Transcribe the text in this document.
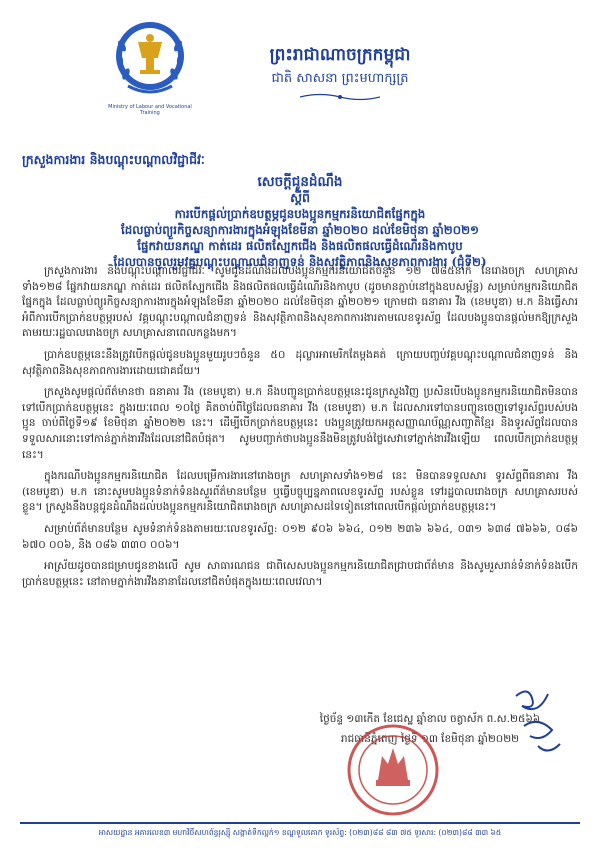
Ministry of Labour and Vocational Training
ព្រះរាជាណាចក្រកម្ពុជា
ជាតិ សាសនា ព្រះមហាក្សត្រ
ក្រសួងការងារ និងបណ្តុះបណ្តាលវិជ្ជាជីវៈ
សេចក្តីជូនដំណឹង
ស្តីពី
ការបើកផ្តល់ប្រាក់ឧបត្ថម្ភជូនបងប្អូនកម្មករនិយោជិតផ្នែកក្នុង
ដែលធ្លាប់ព្យួរកិច្ចសន្យាការងារក្នុងអំឡុងខែមីនា ឆ្នាំ២០២០ ដល់ខែមិថុនា ឆ្នាំ២០២១
ផ្នែកវាយនភណ្ឌ កាត់ដេរ ផលិតស្បែកជើង និងផលិតផលធ្វើដំណើរនិងកាបូប
ដែលបានចូលរួមវគ្គបណ្តុះបណ្តាលជំនាញទន់ និងសុវត្ថិភាពនិងសុខភាពការងារ (ជុំទី២)

ក្រសួងការងារ និងបណ្តុះបណ្តាលវិជ្ជាជីវៈ សូមជូនដំណឹងដល់បងប្អូនកម្មករនិយោជិតចំនួន ១២ ៧៨៥នាក់ នៃរោងចក្រ សហគ្រាសទាំង១២៨ ផ្នែកវាយនភណ្ឌ កាត់ដេរ ផលិតស្បែកជើង និងផលិតផលធ្វើដំណើរនិងកាបូប (ដូចមានភ្ជាប់នៅក្នុងឧបសម្ព័ន្ធ) សម្រាប់កម្មករនិយោជិតផ្នែកក្នុង ដែលធ្លាប់ព្យួរកិច្ចសន្យាការងារក្នុងអំឡុងខែមីនា ឆ្នាំ២០២០ ដល់ខែមិថុនា ឆ្នាំ២០២១ ក្រោមជា ធនាគារ វីង (ខេមបូឌា) ម.ក និងធ្វើសារអំពីការបើកប្រាក់ឧបត្ថម្ភរបស់ វគ្គបណ្តុះបណ្តាលជំនាញទន់ និងសុវត្ថិភាពនិងសុខភាពការងារតាមលេខទូរស័ព្ទ ដែលបងប្អូនបានផ្តល់មកឱ្យក្រសួងតាមរយៈរដ្ឋបាលរោងចក្រ សហគ្រាសនាពេលកន្លងមក។

ប្រាក់ឧបត្ថម្ភនេះនឹងត្រូវបើកផ្តល់ជូនបងប្អូនមួយរូបៗចំនួន ៥០ ដុល្លារអាមេរិកតែម្តងគត់ ក្រោយបញ្ចប់វគ្គបណ្តុះបណ្តាលជំនាញទន់ និងសុវត្ថិភាពនិងសុខភាពការងារដោយជោគជ័យ។

ក្រសួងសូមផ្តល់ព័ត៌មានថា ធនាគារ វីង (ខេមបូឌា) ម.ក នឹងបញ្ជូនប្រាក់ឧបត្ថម្ភនេះជូនក្រសួងវិញ ប្រសិនបើបងប្អូនកម្មករនិយោជិតមិនបានទៅបើកប្រាក់ឧបត្ថម្ភនេះ ក្នុងរយៈពេល ១០ថ្ងៃ គិតចាប់ពីថ្ងៃដែលធនាគារ វីង (ខេមបូឌា) ម.ក ដែលសារទៅបានបញ្ចូនចេញទៅទូរស័ព្ទរបស់បងប្អូន ចាប់ពីថ្ងៃទី១៩ ខែមិថុនា ឆ្នាំ២០២២ នេះ។ ដើម្បីបើកប្រាក់ឧបត្ថម្ភនេះ បងប្អូនត្រូវយកអត្តសញ្ញាណប័ណ្ណសញ្ជាតិខ្មែរ និងទូរស័ព្ទដែលបានទទួលសារនោះទៅកាន់ភ្នាក់ងារវីងដែលនៅជិតបំផុត។ សូមបញ្ជាក់ថាបងប្អូននឹងមិនត្រូវបង់ថ្លៃសេវាទៅភ្នាក់ងារវីងឡើយ ពេលបើកប្រាក់ឧបត្ថម្ភនេះ។

ក្នុងករណីបងប្អូនកម្មករនិយោជិត ដែលបម្រើការងារនៅរោងចក្រ សហគ្រាសទាំង១២៨ នេះ មិនបានទទួលសារ ទូរស័ព្ទពីធនាគារ វីង (ខេមបូឌា) ម.ក នោះសូមបងប្អូនទំនាក់ទំនងសួរព័ត៌មានបន្ថែម ឬធ្វើបច្ចុប្បន្នភាពលេខទូរស័ព្ទ របស់ខ្លួន ទៅរដ្ឋបាលរោងចក្រ សហគ្រាសរបស់ខ្លួន។ ក្រសួងនឹងបន្តជូនដំណឹងដល់បងប្អូនកម្មករនិយោជិតរោងចក្រ សហគ្រាសដទៃទៀតនៅពេលបើកផ្តល់ប្រាក់ឧបត្ថម្ភនេះ។

សម្រាប់ព័ត៌មានបន្ថែម សូមទំនាក់ទំនងតាមរយៈលេខទូរស័ព្ទ: ០១២ ៩០៦ ៦៦៤, ០១២ ២៣៦ ៦៦៤, ០៣១ ៦៣៨ ៧៦៦៦, ០៨៦ ៦៧០ ០០៦, និង ០៨៦ ៣៣០ ០០៦។

អាស្រ័យដូចបានជម្រាបជូនខាងលើ សូម សាធារណជន ជាពិសេសបងប្អូនកម្មករនិយោជិតជ្រាបជាព័ត៌មាន និងសូមរួសរាន់ទំនាក់ទំនងបើកប្រាក់ឧបត្ថម្ភនេះ នៅតាមភ្នាក់ងារវីងនានាដែលនៅជិតបំផុតក្នុងរយៈពេលវេលា។

ថ្ងៃច័ន្ទ ១៣កើត ខែជេស្ឋ ឆ្នាំខាល ចត្វាស័ក ព.ស.២៥៦៦
រាជធានីភ្នំពេញ ថ្ងៃទី ១៣ ខែមិថុនា ឆ្នាំ២០២២
អាសយដ្ឋាន អគារលេខ៣ មហាវិថីសហព័ន្ធរុស្ស៊ី សង្កាត់ទឹកល្អក់១ ខណ្ឌទួលគោក ទូរស័ព្ទ: (០២៣)៨៨ ៨៣ ៧៥ ទូរសារ: (០២៣)៨៨ ៣៣ ៦៥
